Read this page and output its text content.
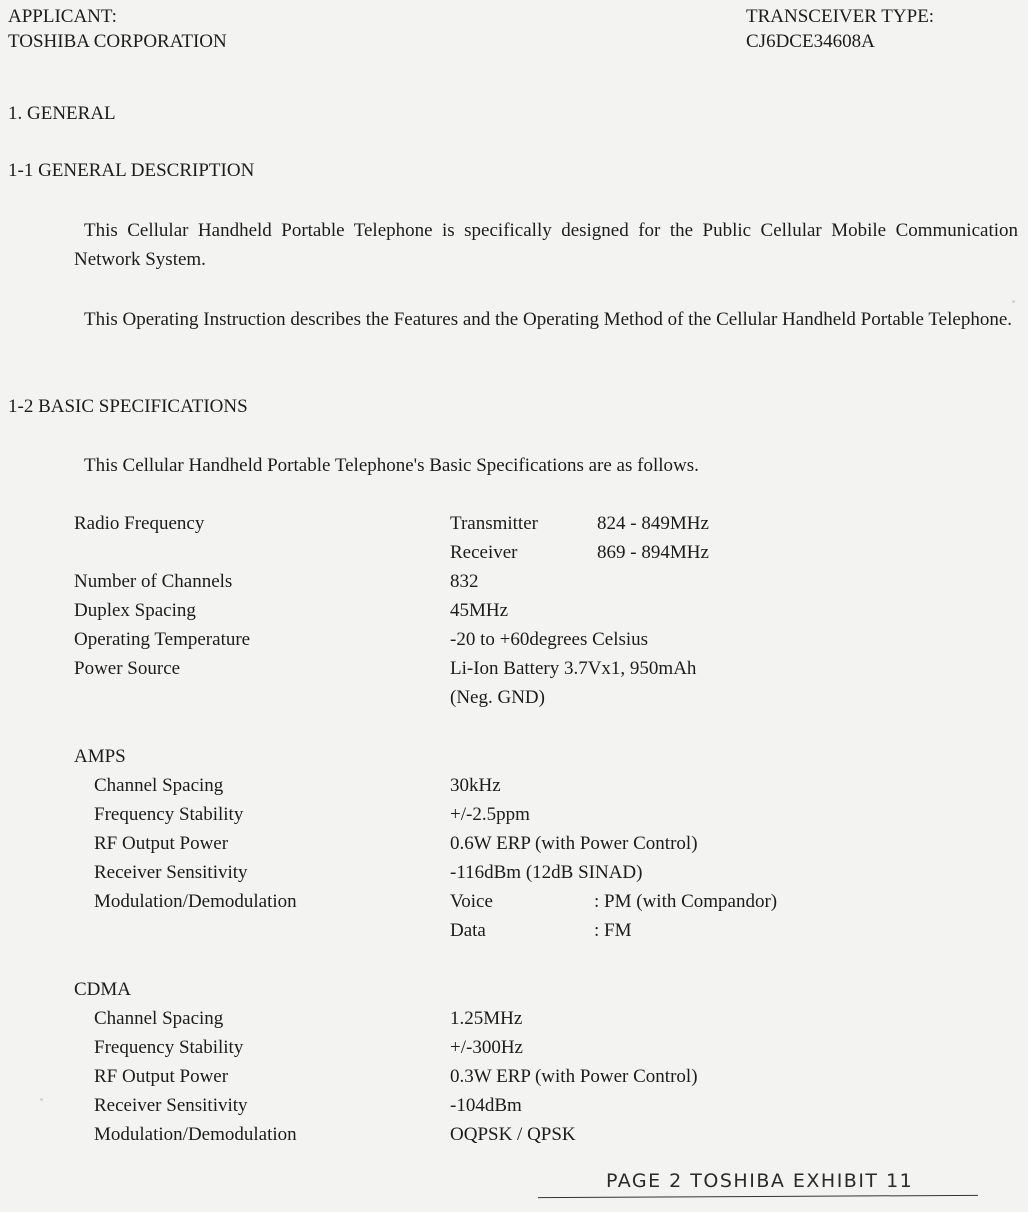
APPLICANT:
TOSHIBA CORPORATION
TRANSCEIVER TYPE:
CJ6DCE34608A
1. GENERAL
1-1 GENERAL DESCRIPTION
This Cellular Handheld Portable Telephone is specifically designed for the Public Cellular Mobile Communication Network System.
This Operating Instruction describes the Features and the Operating Method of the Cellular Handheld Portable Telephone.
1-2 BASIC SPECIFICATIONS
This Cellular Handheld Portable Telephone's Basic Specifications are as follows.
Radio Frequency	Transmitter	824 - 849MHz
Receiver	869 - 894MHz
Number of Channels	832
Duplex Spacing	45MHz
Operating Temperature	-20 to +60degrees Celsius
Power Source	Li-Ion Battery 3.7Vx1, 950mAh
(Neg. GND)
AMPS
Channel Spacing	30kHz
Frequency Stability	+/-2.5ppm
RF Output Power	0.6W ERP (with Power Control)
Receiver Sensitivity	-116dBm (12dB SINAD)
Modulation/Demodulation	Voice	: PM (with Compandor)
Data	: FM
CDMA
Channel Spacing	1.25MHz
Frequency Stability	+/-300Hz
RF Output Power	0.3W ERP (with Power Control)
Receiver Sensitivity	-104dBm
Modulation/Demodulation	OQPSK / QPSK
PAGE 2 TOSHIBA EXHIBIT 11
